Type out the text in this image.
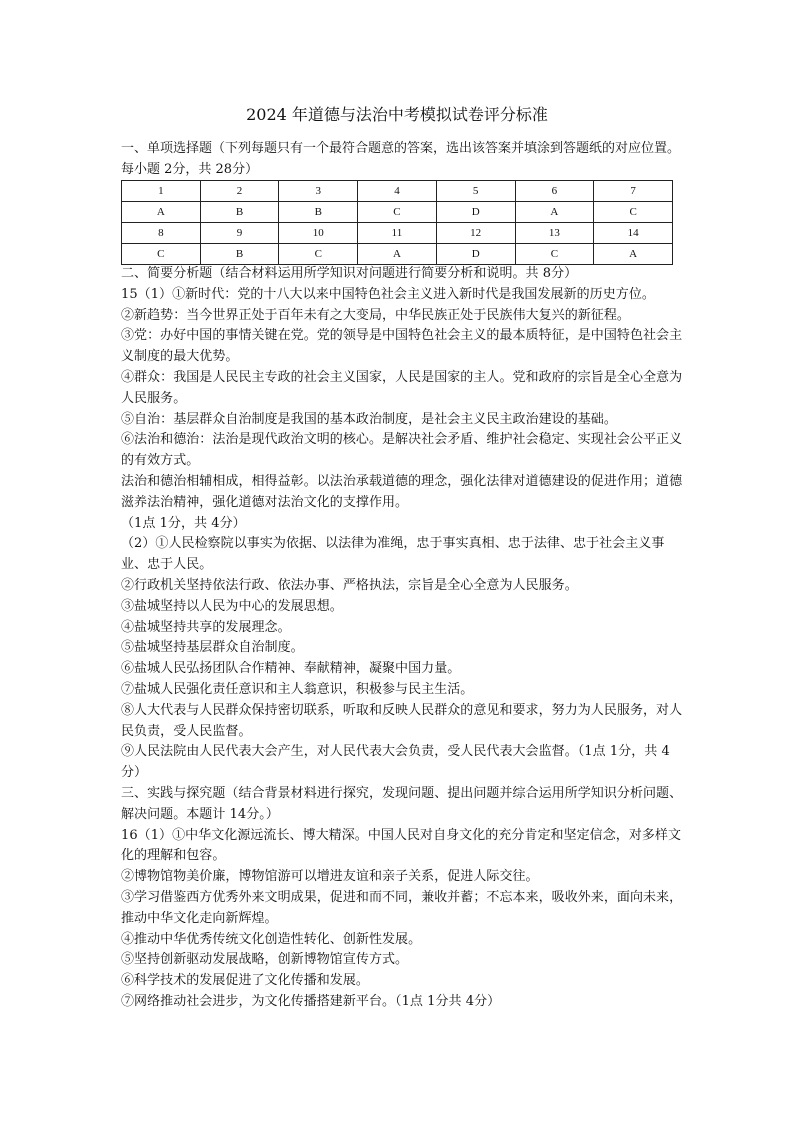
2024 年道德与法治中考模拟试卷评分标准
一、单项选择题（下列每题只有一个最符合题意的答案，选出该答案并填涂到答题纸的对应位置。每小题 2分，共 28分）
1	2	3	4	5	6	7
A	B	B	C	D	A	C
8	9	10	11	12	13	14
C	B	C	A	D	C	A

二、简要分析题（结合材料运用所学知识对问题进行简要分析和说明。共 8分）

15（1）①新时代：党的十八大以来中国特色社会主义进入新时代是我国发展新的历史方位。

②新趋势：当今世界正处于百年未有之大变局，中华民族正处于民族伟大复兴的新征程。

③党：办好中国的事情关键在党。党的领导是中国特色社会主义的最本质特征，是中国特色社会主义制度的最大优势。

④群众：我国是人民民主专政的社会主义国家，人民是国家的主人。党和政府的宗旨是全心全意为人民服务。

⑤自治：基层群众自治制度是我国的基本政治制度，是社会主义民主政治建设的基础。

⑥法治和德治：法治是现代政治文明的核心。是解决社会矛盾、维护社会稳定、实现社会公平正义的有效方式。

法治和德治相辅相成，相得益彰。以法治承载道德的理念，强化法律对道德建设的促进作用；道德滋养法治精神，强化道德对法治文化的支撑作用。

（1点 1分，共 4分）

（2）①人民检察院以事实为依据、以法律为准绳，忠于事实真相、忠于法律、忠于社会主义事业、忠于人民。

②行政机关坚持依法行政、依法办事、严格执法，宗旨是全心全意为人民服务。

③盐城坚持以人民为中心的发展思想。

④盐城坚持共享的发展理念。

⑤盐城坚持基层群众自治制度。

⑥盐城人民弘扬团队合作精神、奉献精神，凝聚中国力量。

⑦盐城人民强化责任意识和主人翁意识，积极参与民主生活。

⑧人大代表与人民群众保持密切联系，听取和反映人民群众的意见和要求，努力为人民服务，对人民负责，受人民监督。

⑨人民法院由人民代表大会产生，对人民代表大会负责，受人民代表大会监督。（1点 1分，共 4分）

三、实践与探究题（结合背景材料进行探究，发现问题、提出问题并综合运用所学知识分析问题、解决问题。本题计 14分。）

16（1）①中华文化源远流长、博大精深。中国人民对自身文化的充分肯定和坚定信念，对多样文化的理解和包容。

②博物馆物美价廉，博物馆游可以增进友谊和亲子关系，促进人际交往。

③学习借鉴西方优秀外来文明成果，促进和而不同，兼收并蓄；不忘本来，吸收外来，面向未来，推动中华文化走向新辉煌。

④推动中华优秀传统文化创造性转化、创新性发展。

⑤坚持创新驱动发展战略，创新博物馆宣传方式。

⑥科学技术的发展促进了文化传播和发展。

⑦网络推动社会进步，为文化传播搭建新平台。（1点 1分共 4分）
